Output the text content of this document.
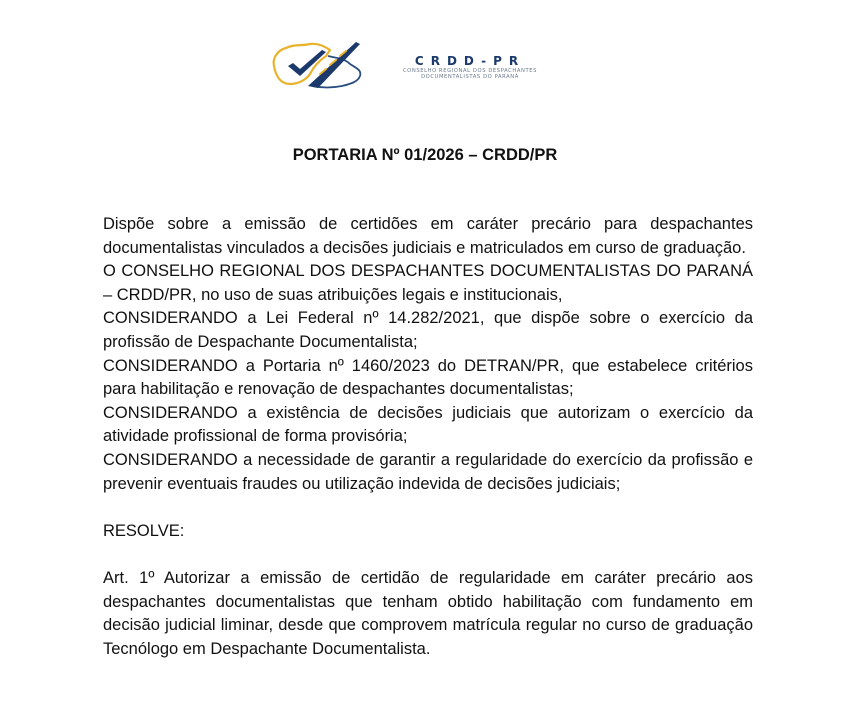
CRDD-PR
CONSELHO REGIONAL DOS DESPACHANTES
DOCUMENTALISTAS DO PARANÁ
PORTARIA Nº 01/2026 – CRDD/PR

Dispõe sobre a emissão de certidões em caráter precário para despachantes documentalistas vinculados a decisões judiciais e matriculados em curso de graduação.

O CONSELHO REGIONAL DOS DESPACHANTES DOCUMENTALISTAS DO PARANÁ – CRDD/PR, no uso de suas atribuições legais e institucionais,

CONSIDERANDO a Lei Federal nº 14.282/2021, que dispõe sobre o exercício da profissão de Despachante Documentalista;

CONSIDERANDO a Portaria nº 1460/2023 do DETRAN/PR, que estabelece critérios para habilitação e renovação de despachantes documentalistas;

CONSIDERANDO a existência de decisões judiciais que autorizam o exercício da atividade profissional de forma provisória;

CONSIDERANDO a necessidade de garantir a regularidade do exercício da profissão e prevenir eventuais fraudes ou utilização indevida de decisões judiciais;

RESOLVE:

Art. 1º Autorizar a emissão de certidão de regularidade em caráter precário aos despachantes documentalistas que tenham obtido habilitação com fundamento em decisão judicial liminar, desde que comprovem matrícula regular no curso de graduação Tecnólogo em Despachante Documentalista.
